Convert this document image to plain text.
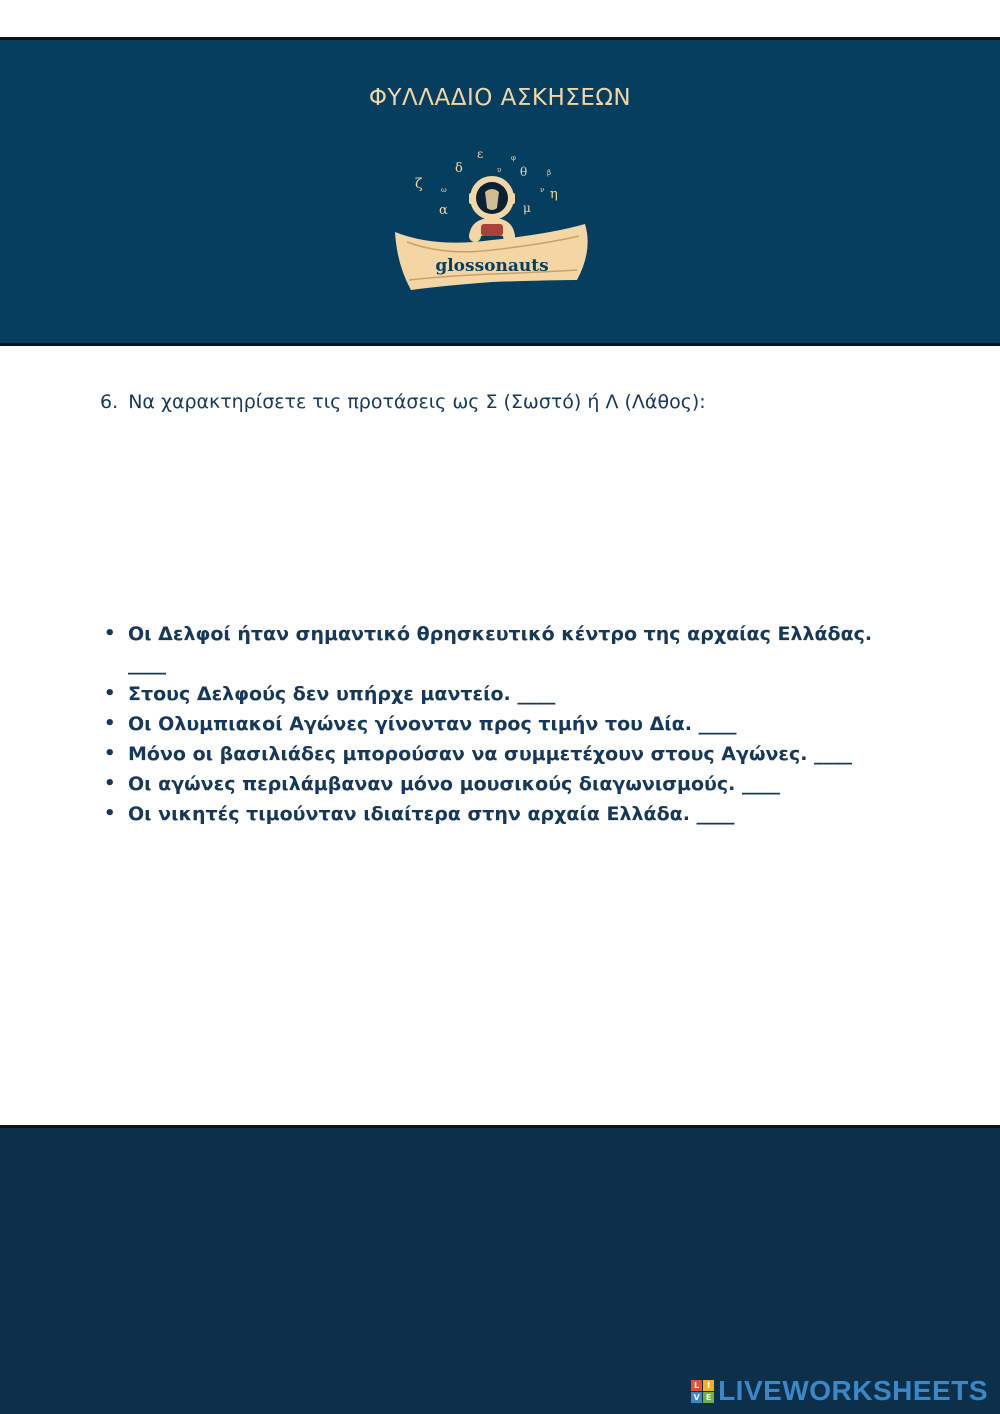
ΦΥΛΛΑΔΙΟ ΑΣΚΗΣΕΩΝ
ε	φ
δ	υ θ
ζ	ω
β
η
α	μ
ν
glossonauts

6. Να χαρακτηρίσετε τις προτάσεις ως Σ (Σωστό) ή Λ (Λάθος):

• Οι Δελφοί ήταν σημαντικό θρησκευτικό κέντρο της αρχαίας Ελλάδας. ____
• Στους Δελφούς δεν υπήρχε μαντείο. ____
• Οι Ολυμπιακοί Αγώνες γίνονταν προς τιμήν του Δία. ____
• Μόνο οι βασιλιάδες μπορούσαν να συμμετέχουν στους Αγώνες. ____
• Οι αγώνες περιλάμβαναν μόνο μουσικούς διαγωνισμούς. ____
• Οι νικητές τιμούνταν ιδιαίτερα στην αρχαία Ελλάδα. ____
L I
V E LIVEWORKSHEETS
